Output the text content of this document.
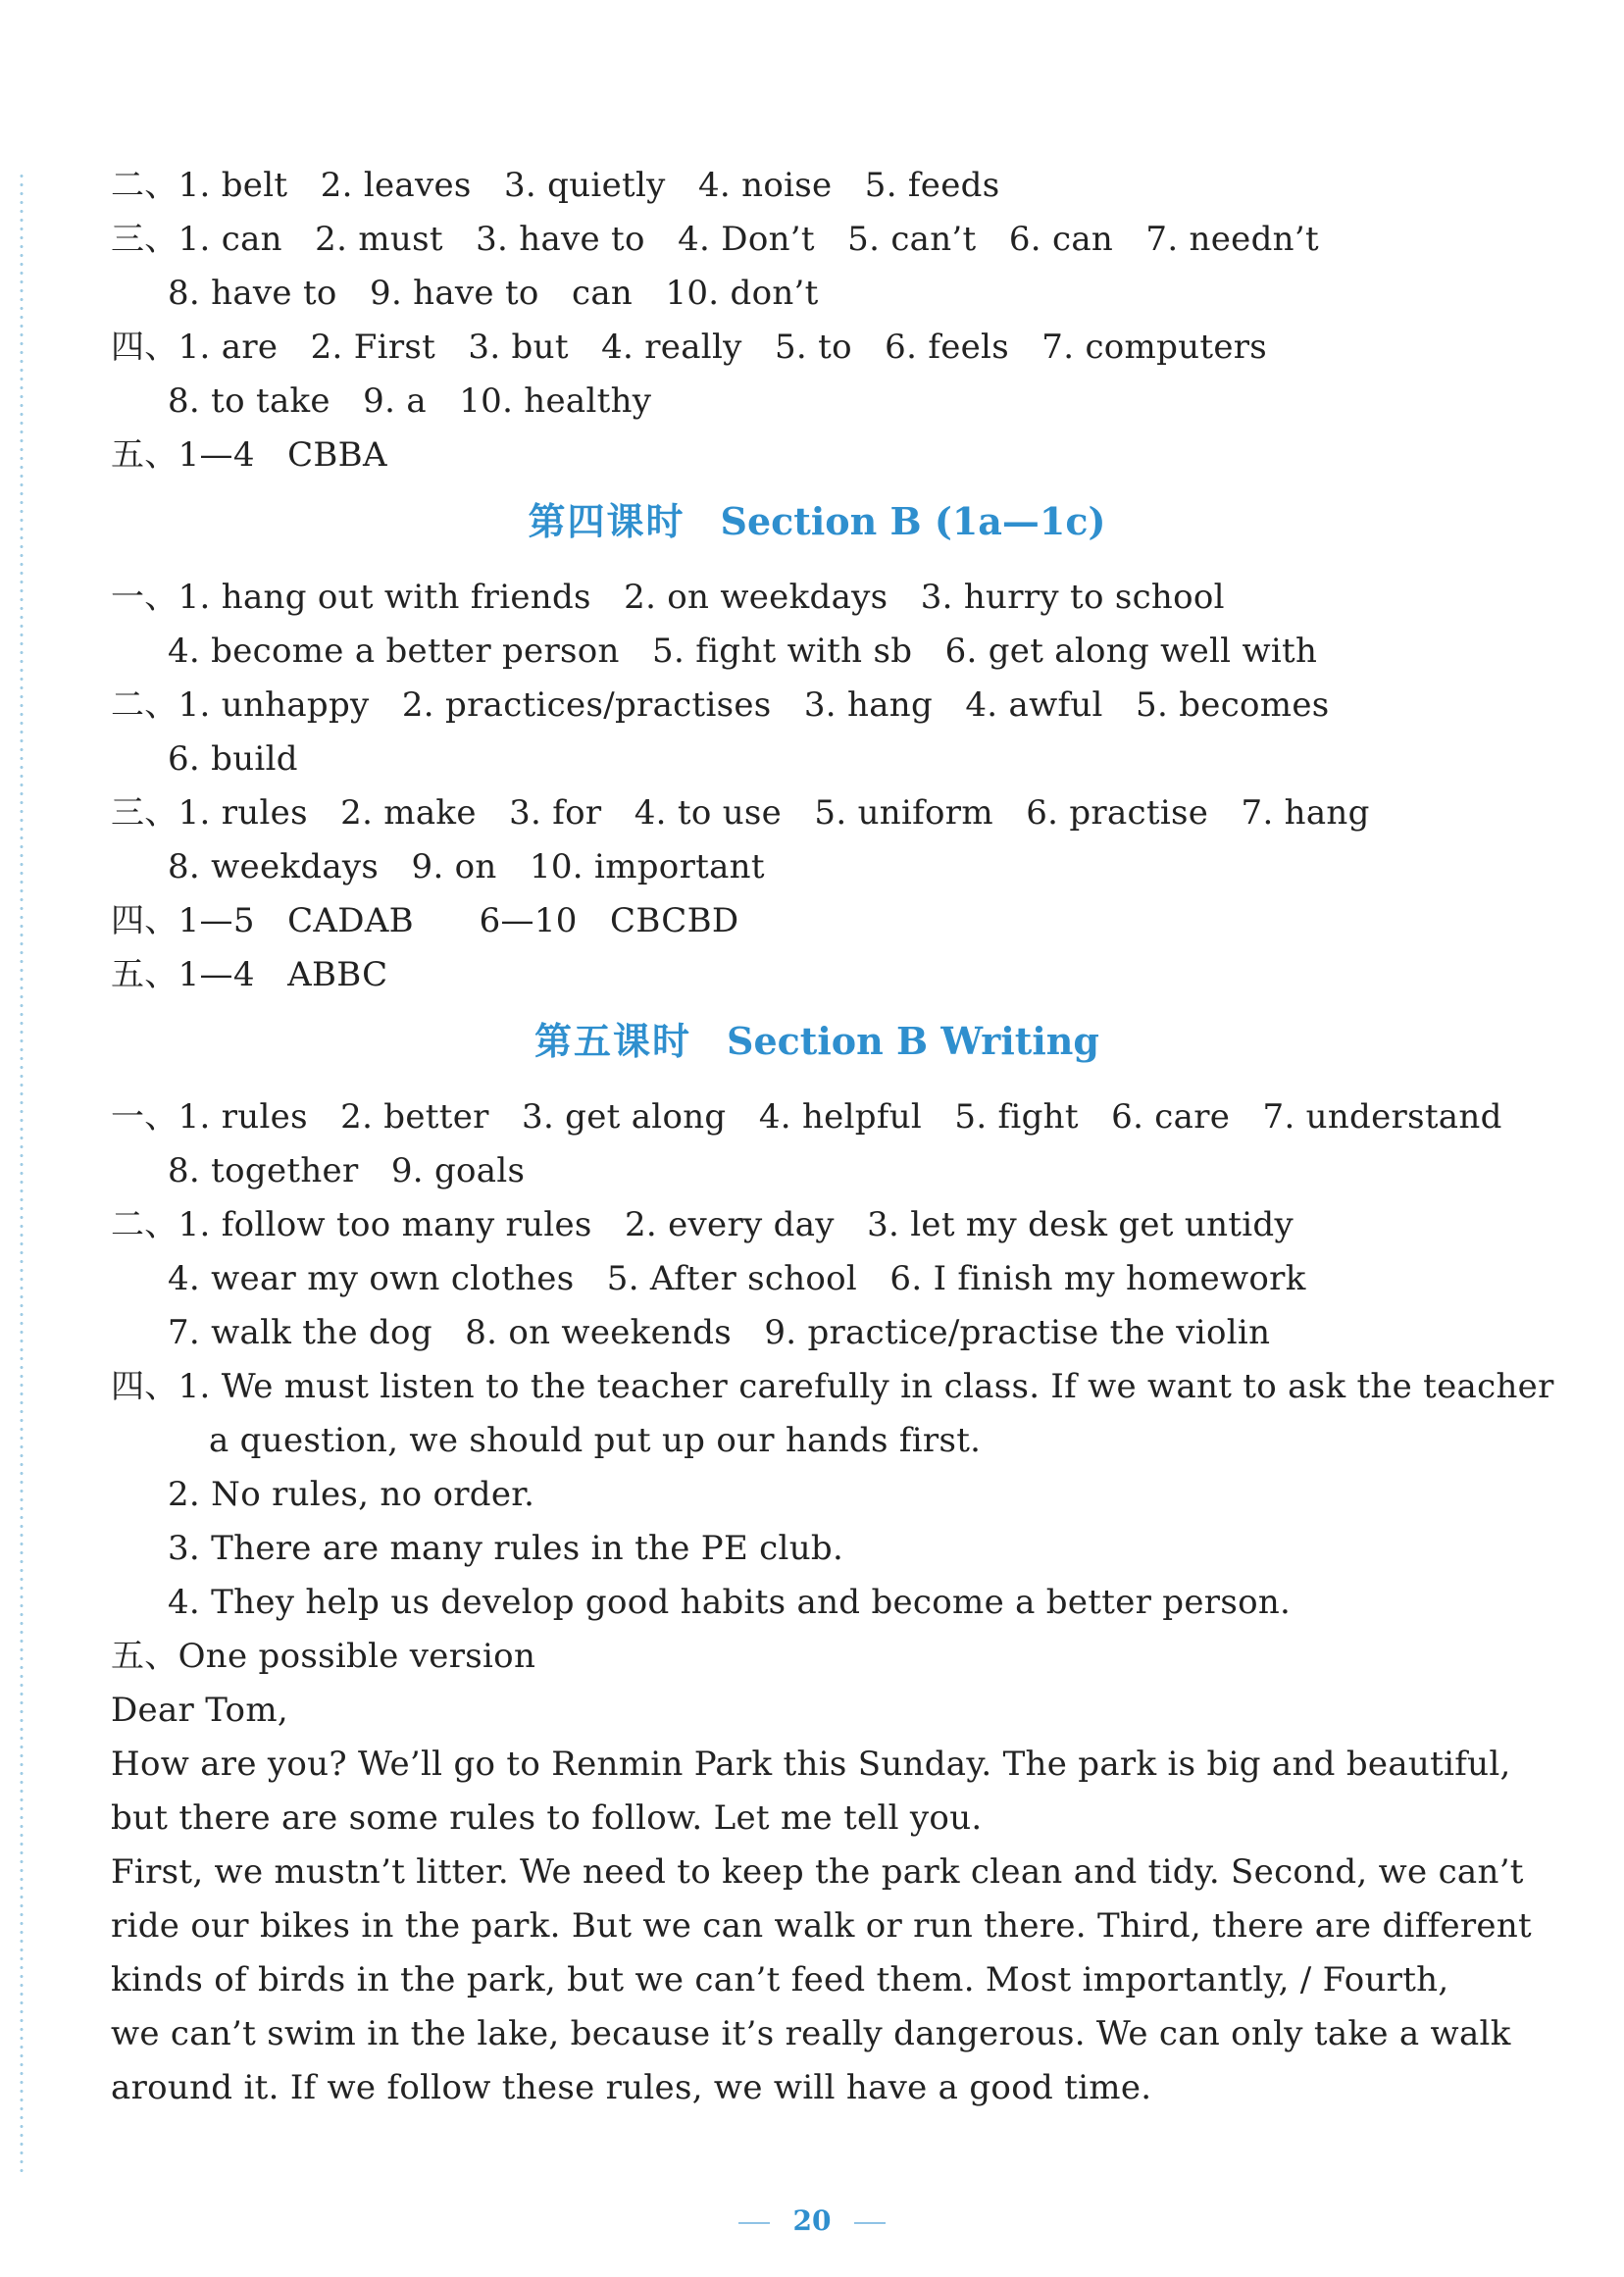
二、1. belt   2. leaves   3. quietly   4. noise   5. feeds
三、1. can   2. must   3. have to   4. Don’t   5. can’t   6. can   7. needn’t
8. have to   9. have to   can   10. don’t
四、1. are   2. First   3. but   4. really   5. to   6. feels   7. computers
8. to take   9. a   10. healthy
五、1—4   CBBA
第四课时 Section B (1a—1c)
一、1. hang out with friends   2. on weekdays   3. hurry to school
4. become a better person   5. fight with sb   6. get along well with
二、1. unhappy   2. practices/practises   3. hang   4. awful   5. becomes
6. build
三、1. rules   2. make   3. for   4. to use   5. uniform   6. practise   7. hang
8. weekdays   9. on   10. important
四、1—5   CADAB      6—10   CBCBD
五、1—4   ABBC
第五课时 Section B Writing
一、1. rules   2. better   3. get along   4. helpful   5. fight   6. care   7. understand
8. together   9. goals
二、1. follow too many rules   2. every day   3. let my desk get untidy
4. wear my own clothes   5. After school   6. I finish my homework
7. walk the dog   8. on weekends   9. practice/practise the violin
四、1. We must listen to the teacher carefully in class. If we want to ask the teacher
a question, we should put up our hands first.
2. No rules, no order.
3. There are many rules in the PE club.
4. They help us develop good habits and become a better person.
五、One possible version
Dear Tom,
How are you? We’ll go to Renmin Park this Sunday. The park is big and beautiful,
but there are some rules to follow. Let me tell you.
First, we mustn’t litter. We need to keep the park clean and tidy. Second, we can’t
ride our bikes in the park. But we can walk or run there. Third, there are different
kinds of birds in the park, but we can’t feed them. Most importantly, / Fourth,
we can’t swim in the lake, because it’s really dangerous. We can only take a walk
around it. If we follow these rules, we will have a good time.
20
